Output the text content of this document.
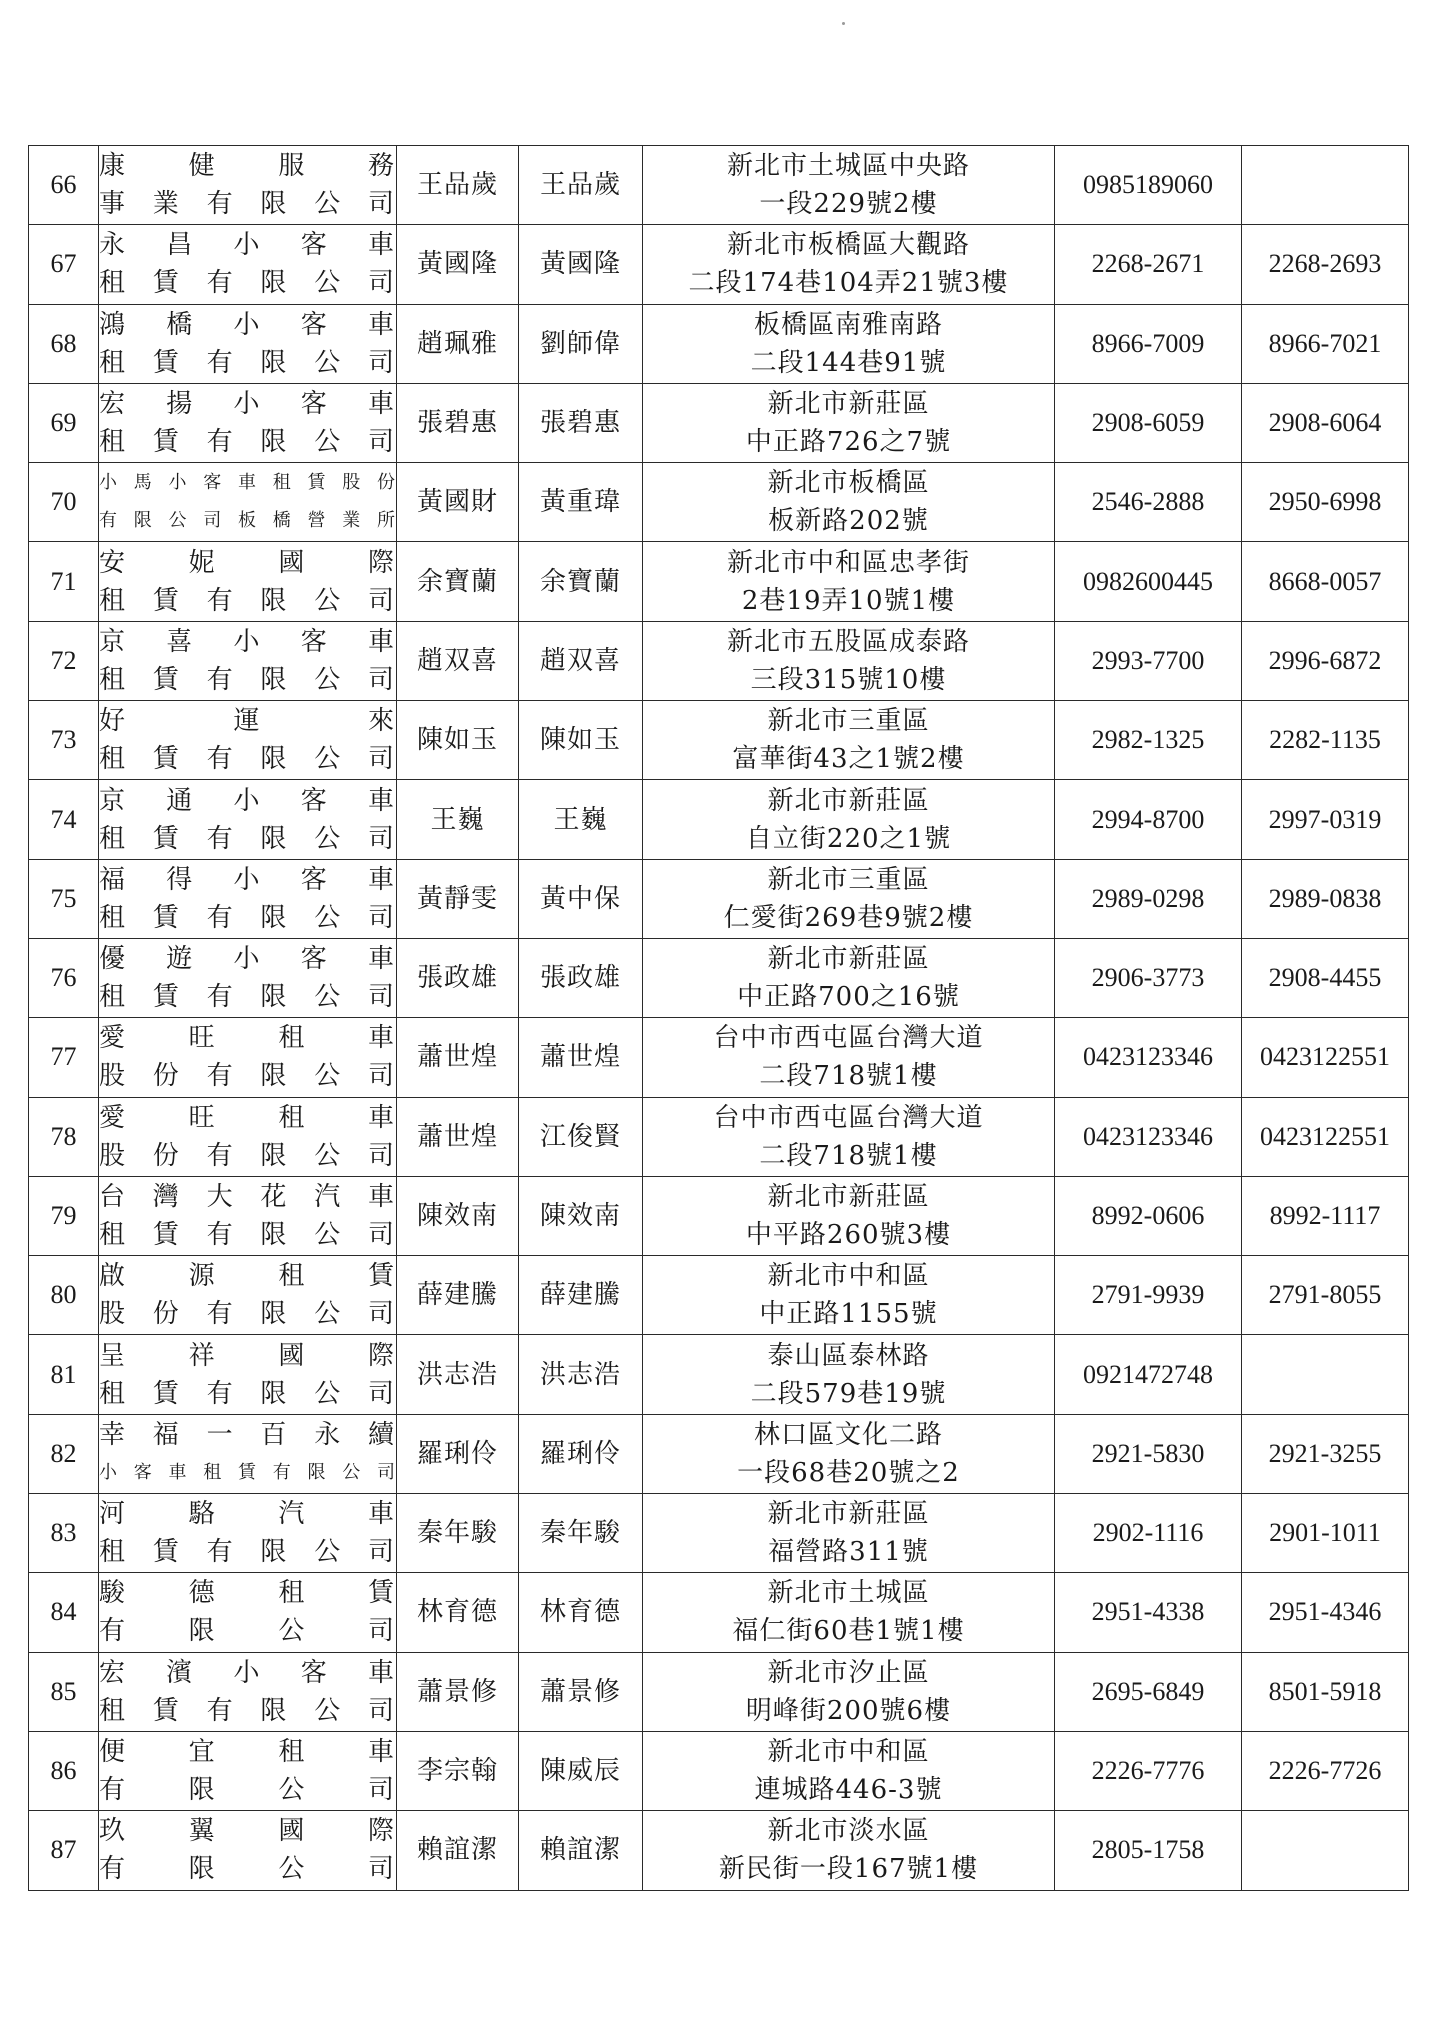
66	康　健　服　務
事業有限公司	王品歲	王品歲	新北市土城區中央路
一段229號2樓	0985189060	
67	永昌小客車
租賃有限公司	黃國隆	黃國隆	新北市板橋區大觀路
二段174巷104弄21號3樓	2268-2671	2268-2693
68	鴻橋小客車
租賃有限公司	趙珮雅	劉師偉	板橋區南雅南路
二段144巷91號	8966-7009	8966-7021
69	宏揚小客車
租賃有限公司	張碧惠	張碧惠	新北市新莊區
中正路726之7號	2908-6059	2908-6064
70	小馬小客車租賃股份
有限公司板橋營業所	黃國財	黃重瑋	新北市板橋區
板新路202號	2546-2888	2950-6998
71	安妮國際
租賃有限公司	余寶蘭	余寶蘭	新北市中和區忠孝街
2巷19弄10號1樓	0982600445	8668-0057
72	京喜小客車
租賃有限公司	趙双喜	趙双喜	新北市五股區成泰路
三段315號10樓	2993-7700	2996-6872
73	好運來
租賃有限公司	陳如玉	陳如玉	新北市三重區
富華街43之1號2樓	2982-1325	2282-1135
74	京通小客車
租賃有限公司	王巍	王巍	新北市新莊區
自立街220之1號	2994-8700	2997-0319
75	福得小客車
租賃有限公司	黃靜雯	黃中保	新北市三重區
仁愛街269巷9號2樓	2989-0298	2989-0838
76	優遊小客車
租賃有限公司	張政雄	張政雄	新北市新莊區
中正路700之16號	2906-3773	2908-4455
77	愛旺租車
股份有限公司	蕭世煌	蕭世煌	台中市西屯區台灣大道
二段718號1樓	0423123346	0423122551
78	愛旺租車
股份有限公司	蕭世煌	江俊賢	台中市西屯區台灣大道
二段718號1樓	0423123346	0423122551
79	台灣大花汽車
租賃有限公司	陳效南	陳效南	新北市新莊區
中平路260號3樓	8992-0606	8992-1117
80	啟源租賃
股份有限公司	薛建騰	薛建騰	新北市中和區
中正路1155號	2791-9939	2791-8055
81	呈祥國際
租賃有限公司	洪志浩	洪志浩	泰山區泰林路
二段579巷19號	0921472748	
82	幸福一百永續
小客車租賃有限公司	羅琍伶	羅琍伶	林口區文化二路
一段68巷20號之2	2921-5830	2921-3255
83	河駱汽車
租賃有限公司	秦年駿	秦年駿	新北市新莊區
福營路311號	2902-1116	2901-1011
84	駿德租賃
有限公司	林育德	林育德	新北市土城區
福仁街60巷1號1樓	2951-4338	2951-4346
85	宏濱小客車
租賃有限公司	蕭景修	蕭景修	新北市汐止區
明峰街200號6樓	2695-6849	8501-5918
86	便宜租車
有限公司	李宗翰	陳威辰	新北市中和區
連城路446-3號	2226-7776	2226-7726
87	玖翼國際
有限公司	賴誼潔	賴誼潔	新北市淡水區
新民街一段167號1樓	2805-1758	
